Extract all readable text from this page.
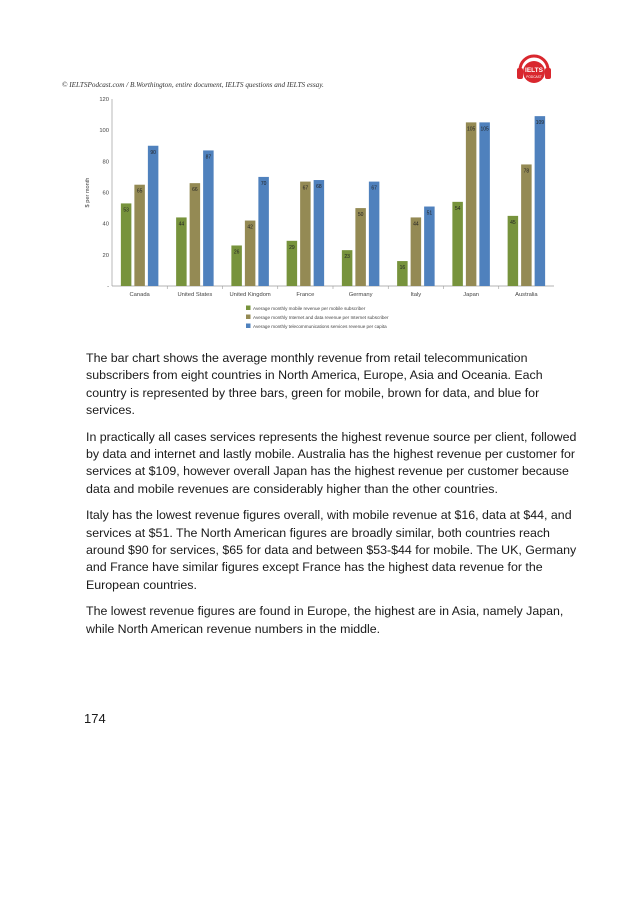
IELTS
PODCAST
© IELTSPodcast.com / B.Worthington, entire document, IELTS questions and IELTS essay.
$ per month
-
20
40
60
80
100
120
Canada
53
65
90
United States
44
66
87
United Kingdom
26
42
70
France
29
67 68
Germany
23
50
67
Italy
16
44
51
Japan
54
105 105
Australia
45
78
109
Average monthly mobile revenue per mobile subscriber
Average monthly Internet and data revenue per Internet subscriber
Average monthly telecommunications services revenue per capita

The bar chart shows the average monthly revenue from retail telecommunication subscribers from eight countries in North America, Europe, Asia and Oceania. Each country is represented by three bars, green for mobile, brown for data, and blue for services.

In practically all cases services represents the highest revenue source per client, followed by data and internet and lastly mobile. Australia has the highest revenue per customer for services at $109, however overall Japan has the highest revenue per customer because data and mobile revenues are considerably higher than the other countries.

Italy has the lowest revenue figures overall, with mobile revenue at $16, data at $44, and services at $51. The North American figures are broadly similar, both countries reach around $90 for services, $65 for data and between $53-$44 for mobile. The UK, Germany and France have similar figures except France has the highest data revenue for the European countries.

The lowest revenue figures are found in Europe, the highest are in Asia, namely Japan, while North American revenue numbers in the middle.

174
